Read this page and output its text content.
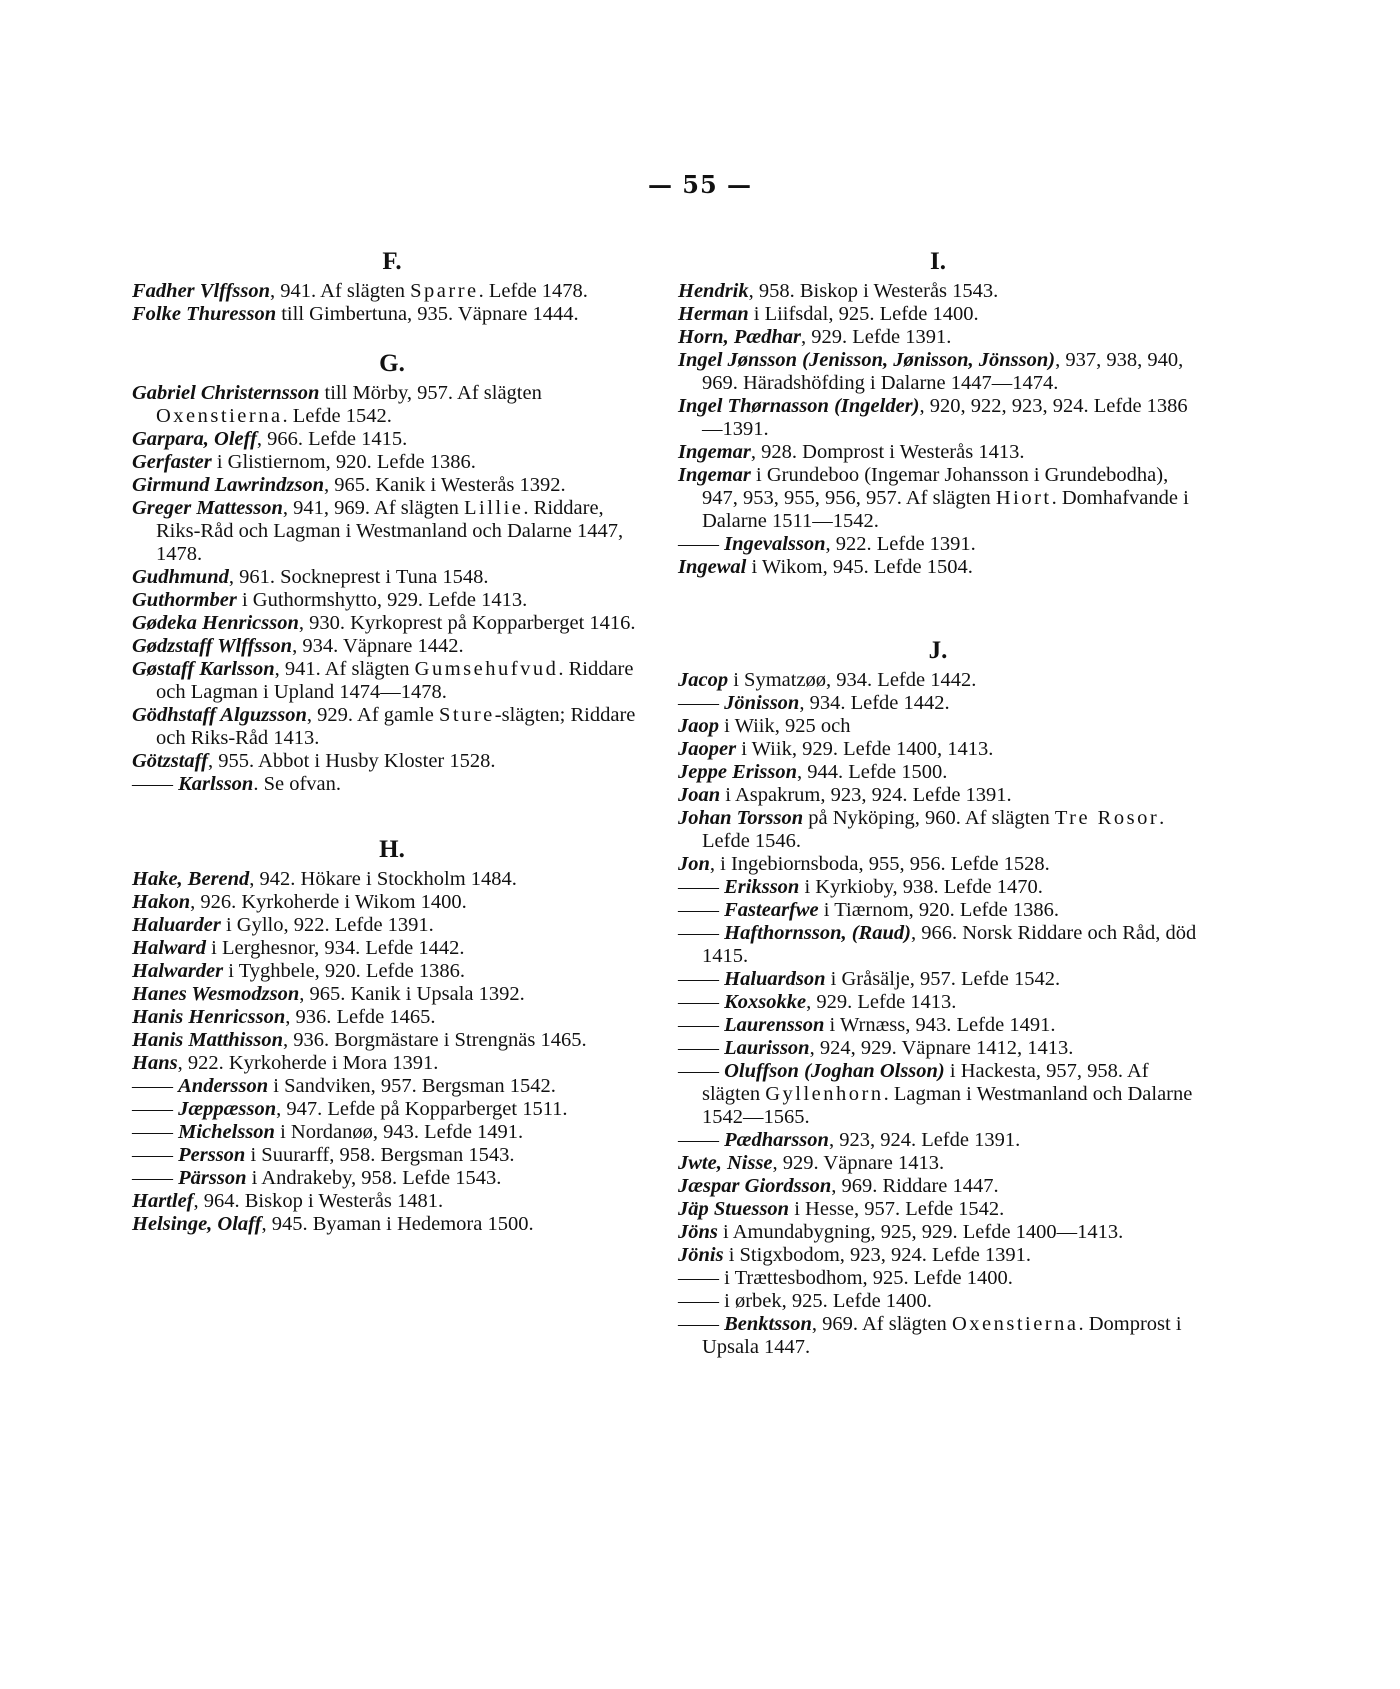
— 55 —
F.
Fadher Vlffsson, 941. Af slägten Sparre. Lefde 1478.
Folke Thuresson till Gimbertuna, 935. Väpnare 1444.
G.
Gabriel Christernsson till Mörby, 957. Af slägten Oxenstierna. Lefde 1542.
Garpara, Oleff, 966. Lefde 1415.
Gerfaster i Glistiernom, 920. Lefde 1386.
Girmund Lawrindzson, 965. Kanik i Westerås 1392.
Greger Mattesson, 941, 969. Af slägten Lillie. Riddare, Riks-Råd och Lagman i Westmanland och Dalarne 1447, 1478.
Gudhmund, 961. Sockneprest i Tuna 1548.
Guthormber i Guthormshytto, 929. Lefde 1413.
Gødeka Henricsson, 930. Kyrkoprest på Kopparberget 1416.
Gødzstaff Wlffsson, 934. Väpnare 1442.
Gøstaff Karlsson, 941. Af slägten Gumsehufvud. Riddare och Lagman i Upland 1474—1478.
Gödhstaff Alguzsson, 929. Af gamle Sture-slägten; Riddare och Riks-Råd 1413.
Götzstaff, 955. Abbot i Husby Kloster 1528.
—— Karlsson. Se ofvan.
H.
Hake, Berend, 942. Hökare i Stockholm 1484.
Hakon, 926. Kyrkoherde i Wikom 1400.
Haluarder i Gyllo, 922. Lefde 1391.
Halward i Lerghesnor, 934. Lefde 1442.
Halwarder i Tyghbele, 920. Lefde 1386.
Hanes Wesmodzson, 965. Kanik i Upsala 1392.
Hanis Henricsson, 936. Lefde 1465.
Hanis Matthisson, 936. Borgmästare i Strengnäs 1465.
Hans, 922. Kyrkoherde i Mora 1391.
—— Andersson i Sandviken, 957. Bergsman 1542.
—— Jæppæsson, 947. Lefde på Kopparberget 1511.
—— Michelsson i Nordanøø, 943. Lefde 1491.
—— Persson i Suurarff, 958. Bergsman 1543.
—— Pärsson i Andrakeby, 958. Lefde 1543.
Hartlef, 964. Biskop i Westerås 1481.
Helsinge, Olaff, 945. Byaman i Hedemora 1500.
I.
Hendrik, 958. Biskop i Westerås 1543.
Herman i Liifsdal, 925. Lefde 1400.
Horn, Pædhar, 929. Lefde 1391.
Ingel Jønsson (Jenisson, Jønisson, Jönsson), 937, 938, 940, 969. Häradshöfding i Dalarne 1447—1474.
Ingel Thørnasson (Ingelder), 920, 922, 923, 924. Lefde 1386—1391.
Ingemar, 928. Domprost i Westerås 1413.
Ingemar i Grundeboo (Ingemar Johansson i Grundebodha), 947, 953, 955, 956, 957. Af slägten Hiort. Domhafvande i Dalarne 1511—1542.
—— Ingevalsson, 922. Lefde 1391.
Ingewal i Wikom, 945. Lefde 1504.
J.
Jacop i Symatzøø, 934. Lefde 1442.
—— Jönisson, 934. Lefde 1442.
Jaop i Wiik, 925 och
Jaoper i Wiik, 929. Lefde 1400, 1413.
Jeppe Erisson, 944. Lefde 1500.
Joan i Aspakrum, 923, 924. Lefde 1391.
Johan Torsson på Nyköping, 960. Af slägten Tre Rosor. Lefde 1546.
Jon, i Ingebiornsboda, 955, 956. Lefde 1528.
—— Eriksson i Kyrkioby, 938. Lefde 1470.
—— Fastearfwe i Tiærnom, 920. Lefde 1386.
—— Hafthornsson, (Raud), 966. Norsk Riddare och Råd, död 1415.
—— Haluardson i Gråsälje, 957. Lefde 1542.
—— Koxsokke, 929. Lefde 1413.
—— Laurensson i Wrnæss, 943. Lefde 1491.
—— Laurisson, 924, 929. Väpnare 1412, 1413.
—— Oluffson (Joghan Olsson) i Hackesta, 957, 958. Af slägten Gyllenhorn. Lagman i Westmanland och Dalarne 1542—1565.
—— Pædharsson, 923, 924. Lefde 1391.
Jwte, Nisse, 929. Väpnare 1413.
Jæspar Giordsson, 969. Riddare 1447.
Jäp Stuesson i Hesse, 957. Lefde 1542.
Jöns i Amundabygning, 925, 929. Lefde 1400—1413.
Jönis i Stigxbodom, 923, 924. Lefde 1391.
—— i Trættesbodhom, 925. Lefde 1400.
—— i ørbek, 925. Lefde 1400.
—— Benktsson, 969. Af slägten Oxenstierna. Domprost i Upsala 1447.
